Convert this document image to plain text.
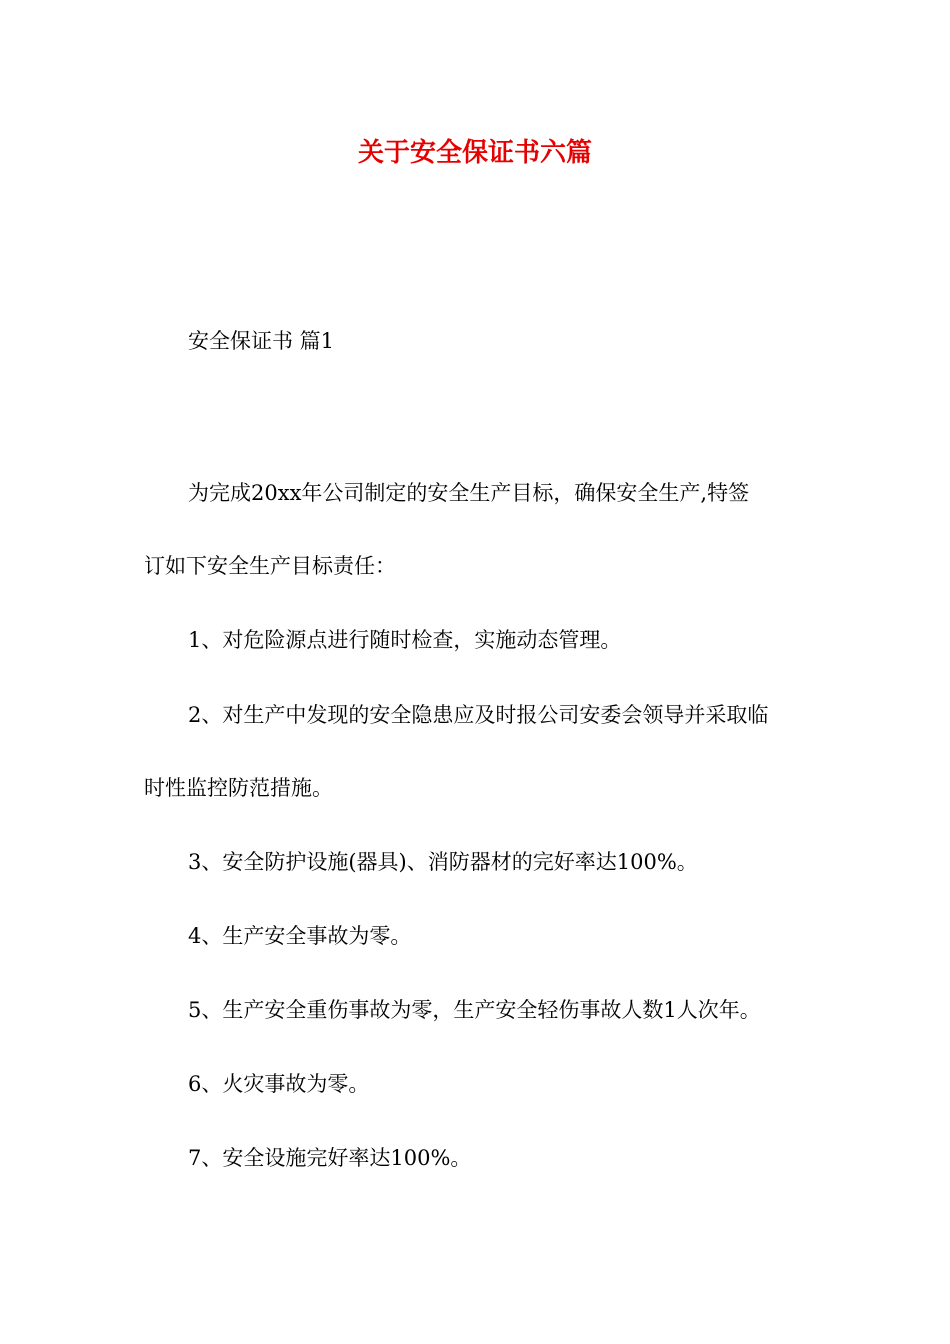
关于安全保证书六篇
安全保证书 篇1
为完成20xx年公司制定的安全生产目标，确保安全生产,特签
订如下安全生产目标责任：
1、对危险源点进行随时检查，实施动态管理。
2、对生产中发现的安全隐患应及时报公司安委会领导并采取临
时性监控防范措施。
3、安全防护设施(器具)、消防器材的完好率达100%。
4、生产安全事故为零。
5、生产安全重伤事故为零，生产安全轻伤事故人数1人次年。
6、火灾事故为零。
7、安全设施完好率达100%。
